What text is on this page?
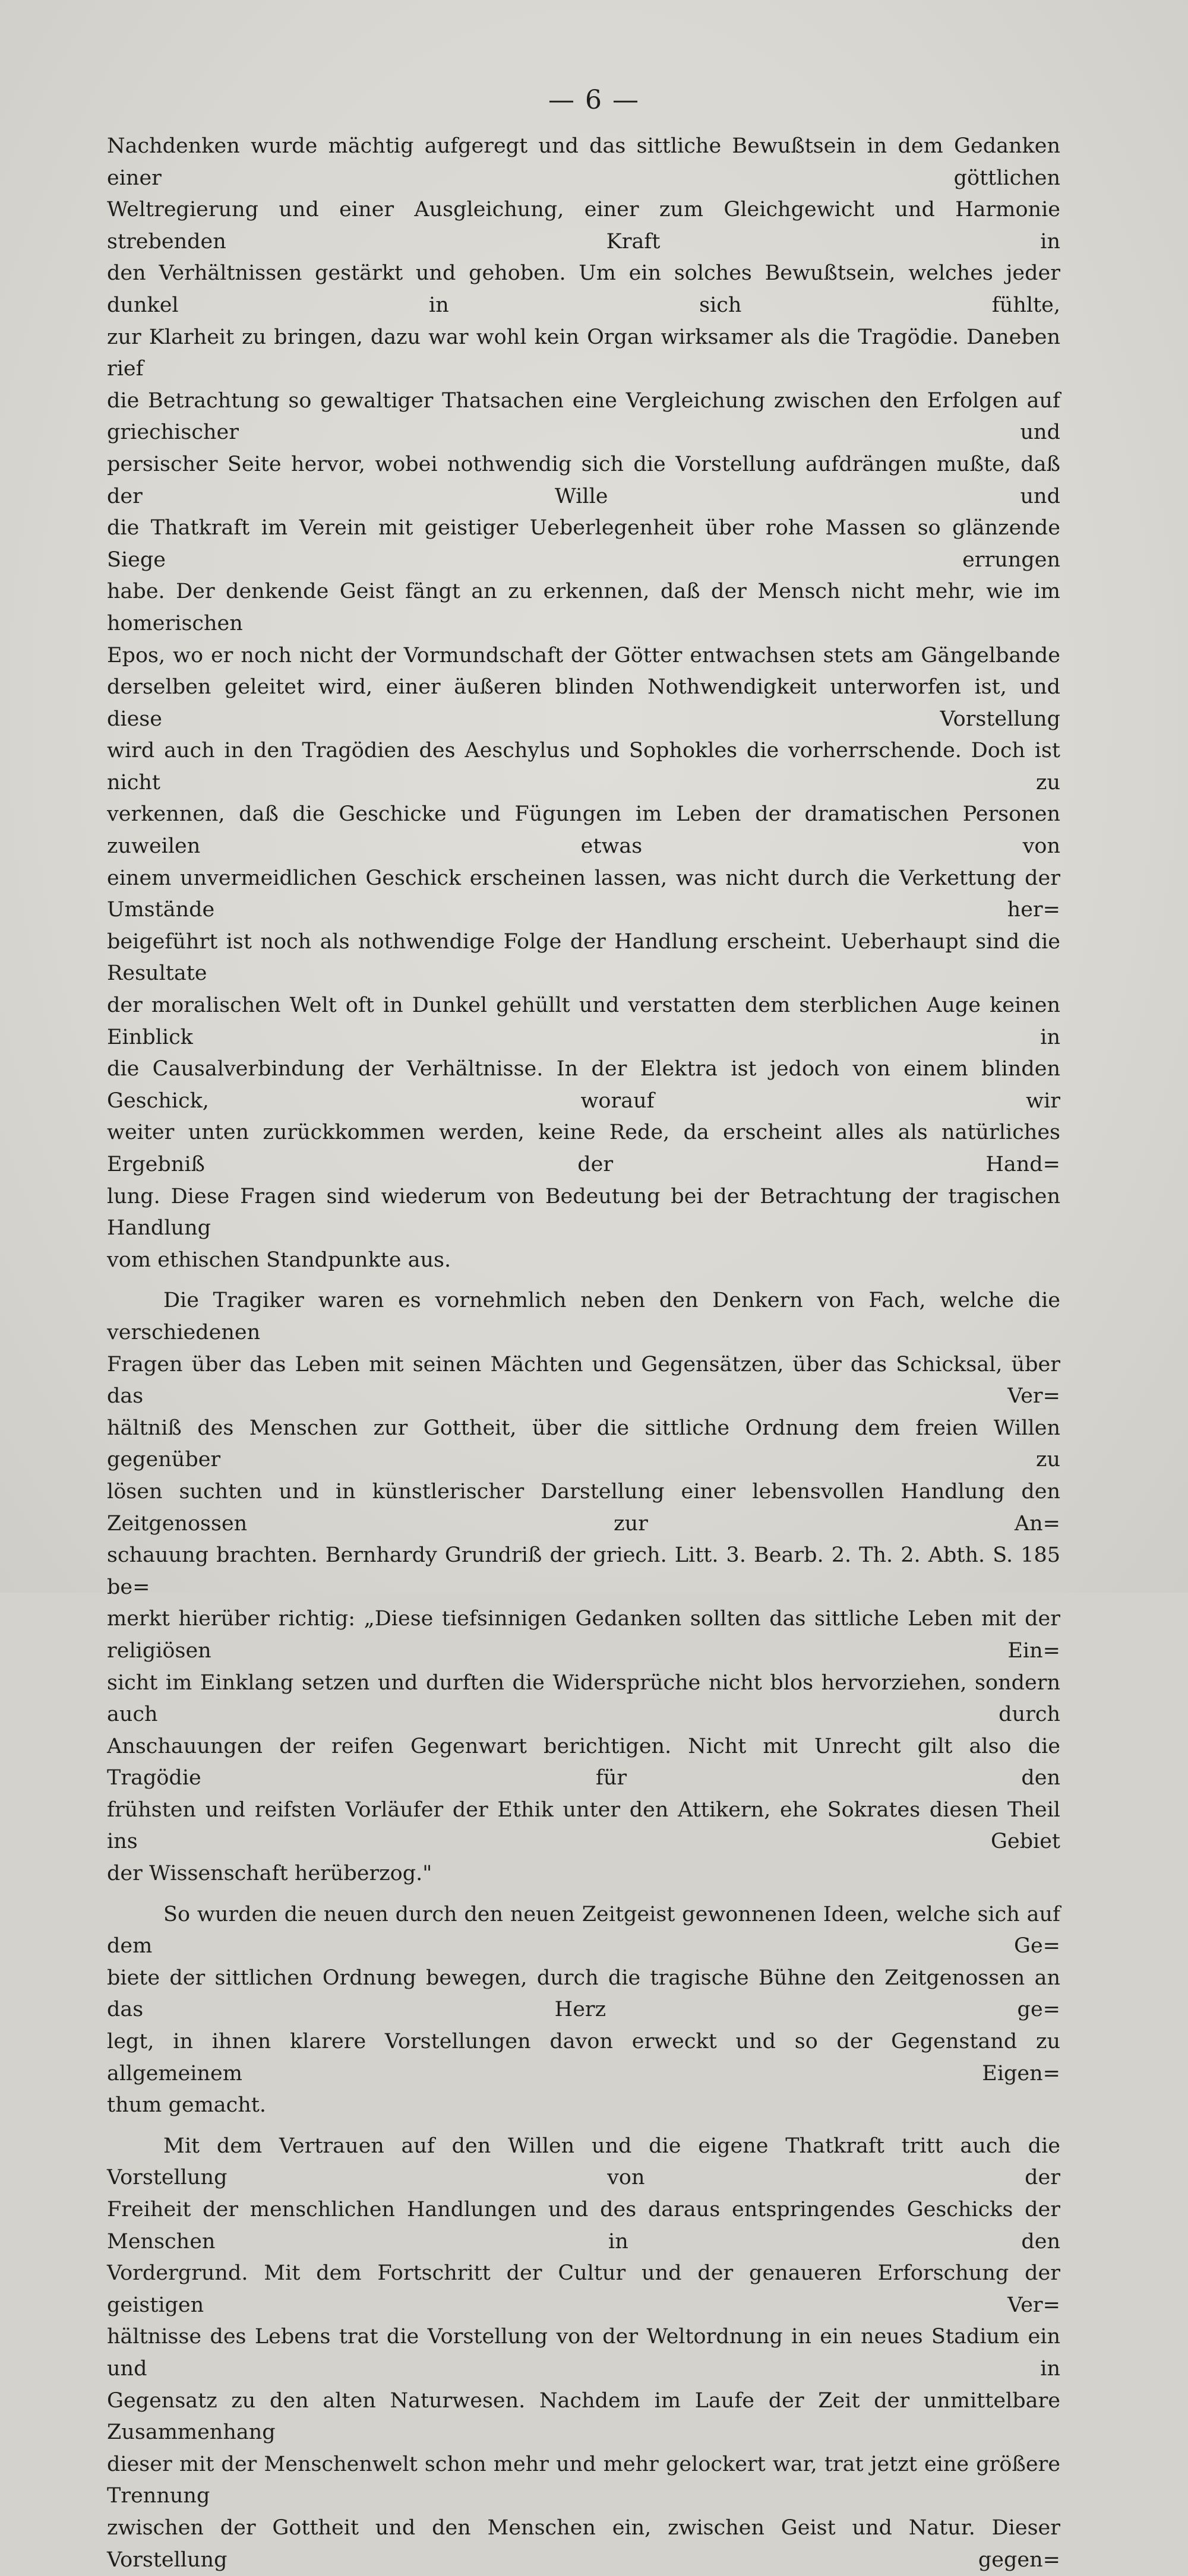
— 6 —

Nachdenken wurde mächtig aufgeregt und das sittliche Bewußtsein in dem Gedanken einer göttlichen
Weltregierung und einer Ausgleichung, einer zum Gleichgewicht und Harmonie strebenden Kraft in
den Verhältnissen gestärkt und gehoben. Um ein solches Bewußtsein, welches jeder dunkel in sich fühlte,
zur Klarheit zu bringen, dazu war wohl kein Organ wirksamer als die Tragödie. Daneben rief
die Betrachtung so gewaltiger Thatsachen eine Vergleichung zwischen den Erfolgen auf griechischer und
persischer Seite hervor, wobei nothwendig sich die Vorstellung aufdrängen mußte, daß der Wille und
die Thatkraft im Verein mit geistiger Ueberlegenheit über rohe Massen so glänzende Siege errungen
habe. Der denkende Geist fängt an zu erkennen, daß der Mensch nicht mehr, wie im homerischen
Epos, wo er noch nicht der Vormundschaft der Götter entwachsen stets am Gängelbande
derselben geleitet wird, einer äußeren blinden Nothwendigkeit unterworfen ist, und diese Vorstellung
wird auch in den Tragödien des Aeschylus und Sophokles die vorherrschende. Doch ist nicht zu
verkennen, daß die Geschicke und Fügungen im Leben der dramatischen Personen zuweilen etwas von
einem unvermeidlichen Geschick erscheinen lassen, was nicht durch die Verkettung der Umstände her=
beigeführt ist noch als nothwendige Folge der Handlung erscheint. Ueberhaupt sind die Resultate
der moralischen Welt oft in Dunkel gehüllt und verstatten dem sterblichen Auge keinen Einblick in
die Causalverbindung der Verhältnisse. In der Elektra ist jedoch von einem blinden Geschick, worauf wir
weiter unten zurückkommen werden, keine Rede, da erscheint alles als natürliches Ergebniß der Hand=
lung. Diese Fragen sind wiederum von Bedeutung bei der Betrachtung der tragischen Handlung
vom ethischen Standpunkte aus.

Die Tragiker waren es vornehmlich neben den Denkern von Fach, welche die verschiedenen
Fragen über das Leben mit seinen Mächten und Gegensätzen, über das Schicksal, über das Ver=
hältniß des Menschen zur Gottheit, über die sittliche Ordnung dem freien Willen gegenüber zu
lösen suchten und in künstlerischer Darstellung einer lebensvollen Handlung den Zeitgenossen zur An=
schauung brachten. Bernhardy Grundriß der griech. Litt. 3. Bearb. 2. Th. 2. Abth. S. 185 be=
merkt hierüber richtig: „Diese tiefsinnigen Gedanken sollten das sittliche Leben mit der religiösen Ein=
sicht im Einklang setzen und durften die Widersprüche nicht blos hervorziehen, sondern auch durch
Anschauungen der reifen Gegenwart berichtigen. Nicht mit Unrecht gilt also die Tragödie für den
frühsten und reifsten Vorläufer der Ethik unter den Attikern, ehe Sokrates diesen Theil ins Gebiet
der Wissenschaft herüberzog."

So wurden die neuen durch den neuen Zeitgeist gewonnenen Ideen, welche sich auf dem Ge=
biete der sittlichen Ordnung bewegen, durch die tragische Bühne den Zeitgenossen an das Herz ge=
legt, in ihnen klarere Vorstellungen davon erweckt und so der Gegenstand zu allgemeinem Eigen=
thum gemacht.

Mit dem Vertrauen auf den Willen und die eigene Thatkraft tritt auch die Vorstellung von der
Freiheit der menschlichen Handlungen und des daraus entspringendes Geschicks der Menschen in den
Vordergrund. Mit dem Fortschritt der Cultur und der genaueren Erforschung der geistigen Ver=
hältnisse des Lebens trat die Vorstellung von der Weltordnung in ein neues Stadium ein und in
Gegensatz zu den alten Naturwesen. Nachdem im Laufe der Zeit der unmittelbare Zusammenhang
dieser mit der Menschenwelt schon mehr und mehr gelockert war, trat jetzt eine größere Trennung
zwischen der Gottheit und den Menschen ein, zwischen Geist und Natur. Dieser Vorstellung gegen=
